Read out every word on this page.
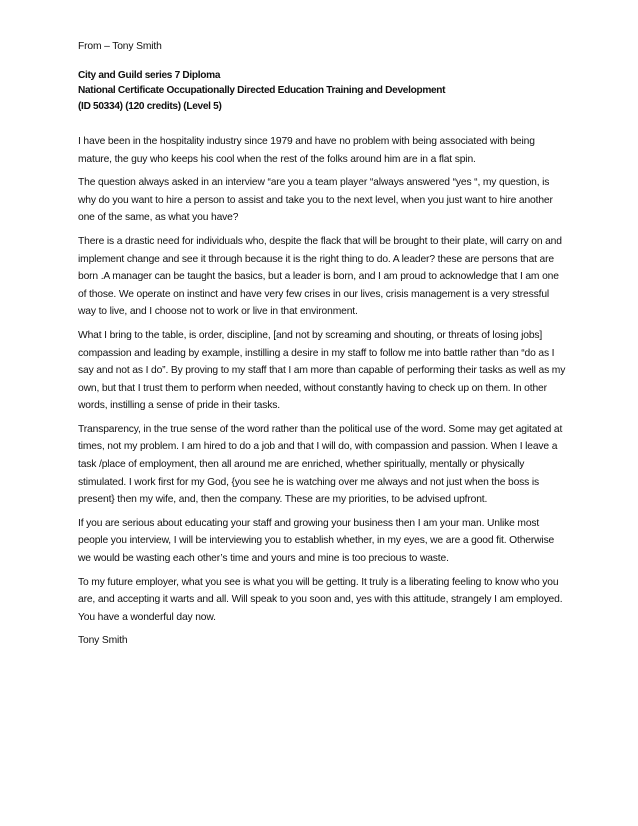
From – Tony Smith

City and Guild series 7 Diploma
National Certificate Occupationally Directed Education Training and Development
(ID 50334) (120 credits) (Level 5)

I have been in the hospitality industry since 1979 and have no problem with being associated with being mature, the guy who keeps his cool when the rest of the folks around him are in a flat spin.

The question always asked in an interview “are you a team player “always answered “yes “, my question, is why do you want to hire a person to assist and take you to the next level, when you just want to hire another one of the same, as what you have?

There is a drastic need for individuals who, despite the flack that will be brought to their plate, will carry on and implement change and see it through because it is the right thing to do. A leader? these are persons that are born .A manager can be taught the basics, but a leader is born, and I am proud to acknowledge that I am one of those. We operate on instinct and have very few crises in our lives, crisis management is a very stressful way to live, and I choose not to work or live in that environment.

What I bring to the table, is order, discipline, [and not by screaming and shouting, or threats of losing jobs] compassion and leading by example, instilling a desire in my staff to follow me into battle rather than “do as I say and not as I do”. By proving to my staff that I am more than capable of performing their tasks as well as my own, but that I trust them to perform when needed, without constantly having to check up on them. In other words, instilling a sense of pride in their tasks.

Transparency, in the true sense of the word rather than the political use of the word. Some may get agitated at times, not my problem. I am hired to do a job and that I will do, with compassion and passion. When I leave a task /place of employment, then all around me are enriched, whether spiritually, mentally or physically stimulated. I work first for my God, {you see he is watching over me always and not just when the boss is present} then my wife, and, then the company. These are my priorities, to be advised upfront.

If you are serious about educating your staff and growing your business then I am your man. Unlike most people you interview, I will be interviewing you to establish whether, in my eyes, we are a good fit. Otherwise we would be wasting each other’s time and yours and mine is too precious to waste.

To my future employer, what you see is what you will be getting. It truly is a liberating feeling to know who you are, and accepting it warts and all. Will speak to you soon and, yes with this attitude, strangely I am employed. You have a wonderful day now.

Tony Smith
